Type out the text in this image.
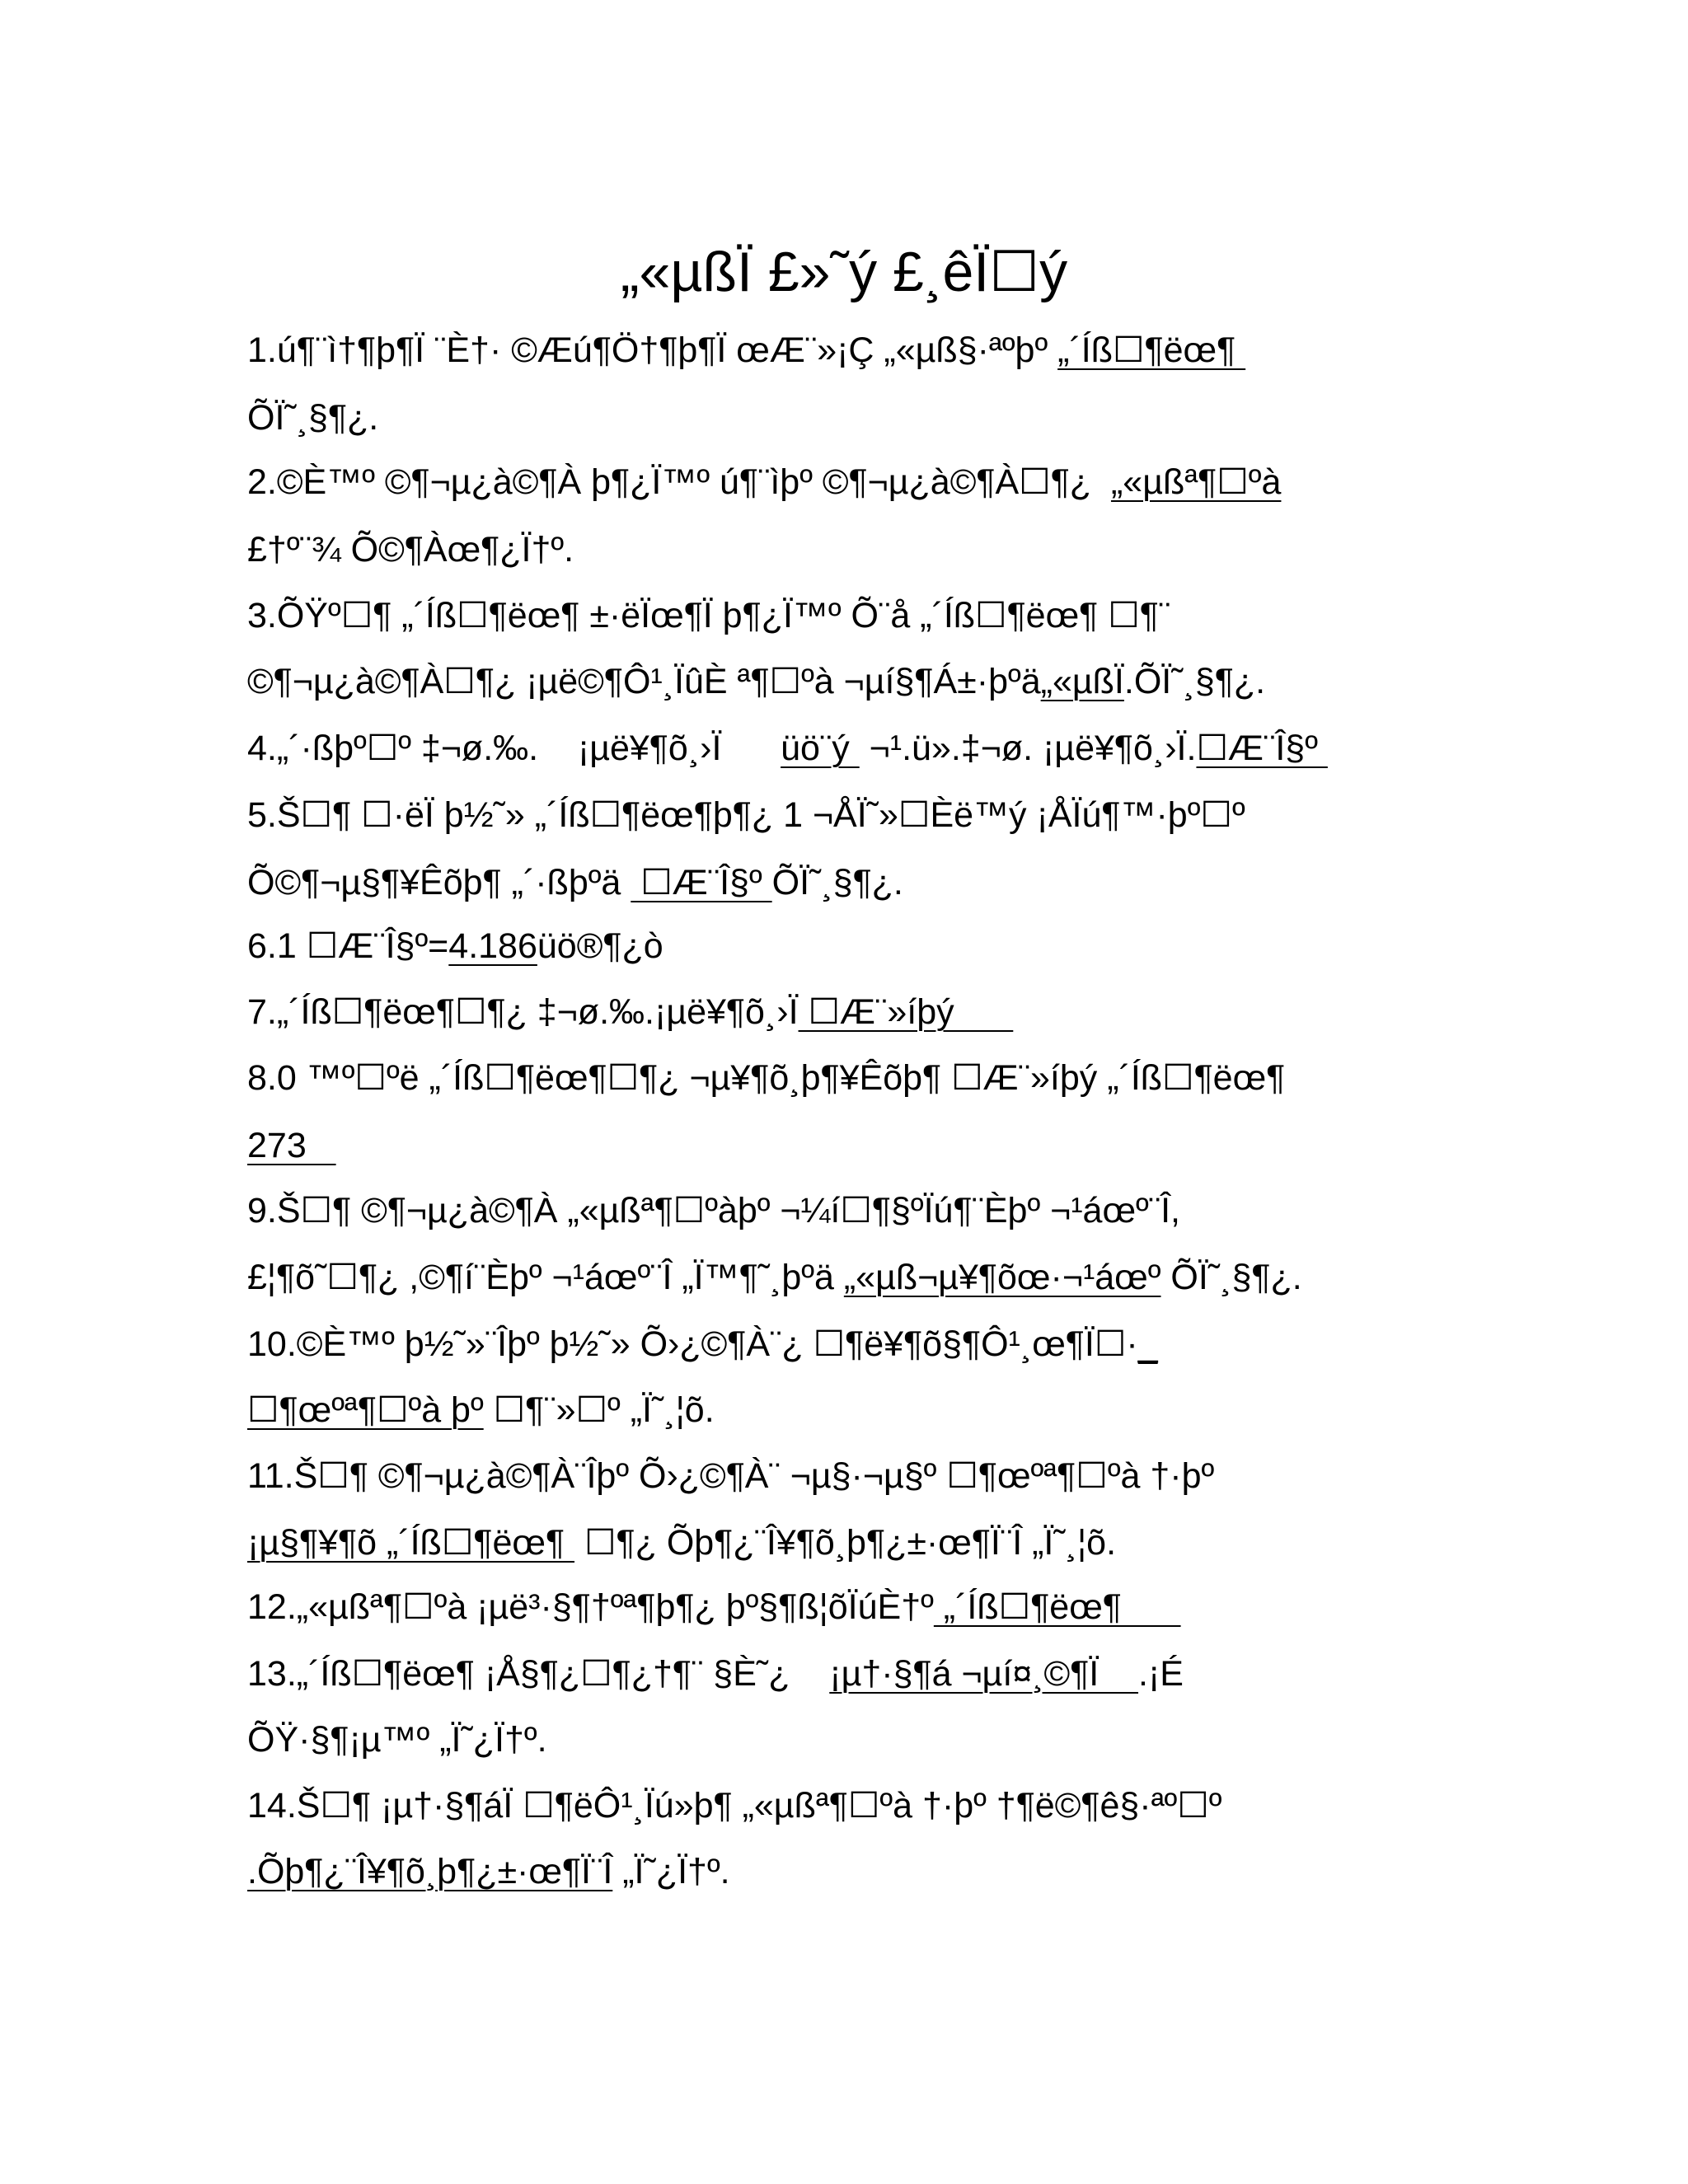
„«µßÏ £»˜ý £¸êÏ☐ý
1.ú¶¨ì†¶þ¶Ï ¨È†· ©Æú¶Ö†¶þ¶Ï œÆ¨»¡Ç „«µß§·ªºþº „´Íß☐¶ëœ¶
ÕÏ˜¸§¶¿.
2.©È™º ©¶¬µ¿à©¶À þ¶¿Ï™º ú¶¨ìþº ©¶¬µ¿à©¶À☐¶¿  „«µßª¶☐ºà
£†º¨¾ Õ©¶Àœ¶¿Ï†º.
3.ÕŸº☐¶ „´Íß☐¶ëœ¶ ±·ëÏœ¶Ï þ¶¿Ï™º Õ¨å „´Íß☐¶ëœ¶ ☐¶¨
©¶¬µ¿à©¶À☐¶¿ ¡µë©¶Ô¹¸ÏûÈ ª¶☐ºà ¬µí§¶Á±·þºä„«µßÏ.ÕÏ˜¸§¶¿.
4.„´·ßþº☐º ‡¬ø.‰.    ¡µë¥¶õ¸›Ï      üö¨ý  ¬¹.ü».‡¬ø. ¡µë¥¶õ¸›Ï.☐Æ¨Î§º
5.Š☐¶ ☐·ëÏ þ½˜» „´Íß☐¶ëœ¶þ¶¿ 1 ¬ÅÏ˜»☐Èë™ý ¡ÅÏú¶™·þº☐º
Õ©¶¬µ§¶¥Êõþ¶ „´·ßþºä  ☐Æ¨Î§º ÕÏ˜¸§¶¿.
6.1 ☐Æ¨Î§º=4.186üö®¶¿ò
7.„´Íß☐¶ëœ¶☐¶¿ ‡¬ø.‰.¡µë¥¶õ¸›Ï ☐Æ¨»íþý
8.0 ™º☐ºë „´Íß☐¶ëœ¶☐¶¿ ¬µ¥¶õ¸þ¶¥Êõþ¶ ☐Æ¨»íþý „´Íß☐¶ëœ¶
273
9.Š☐¶ ©¶¬µ¿à©¶À „«µßª¶☐ºàþº ¬¼í☐¶§ºÏú¶¨Èþº ¬¹áœº¨Î,
£¦¶õ˜☐¶¿ ,©¶í¨Èþº ¬¹áœº¨Î „Ï™¶˜¸þºä „«µß¬µ¥¶õœ·¬¹áœº ÕÏ˜¸§¶¿.
10.©È™º þ½˜»¨Îþº þ½˜» Õ›¿©¶À¨¿ ☐¶ë¥¶õ§¶Ô¹¸œ¶Ï☐·_
☐¶œºª¶☐ºà þº ☐¶¨»☐º „Ï˜¸¦õ.
11.Š☐¶ ©¶¬µ¿à©¶À¨Îþº Õ›¿©¶À¨ ¬µ§·¬µ§º ☐¶œºª¶☐ºà †·þº
¡µ§¶¥¶õ „´Íß☐¶ëœ¶  ☐¶¿ Õþ¶¿¨Î¥¶õ¸þ¶¿±·œ¶Ï¨Î „Ï˜¸¦õ.
12.„«µßª¶☐ºà ¡µë³·§¶†ºª¶þ¶¿ þº§¶ß¦õÏúÈ†º „´Íß☐¶ëœ¶
13.„´Íß☐¶ëœ¶ ¡Å§¶¿☐¶¿†¶¨ §È˜¿    ¡µ†·§¶á ¬µí¤¸©¶Ï    .¡É
ÕŸ·§¶¡µ™º „Ï˜¿Ï†º.
14.Š☐¶ ¡µ†·§¶áÏ ☐¶ëÔ¹¸Ïú»þ¶ „«µßª¶☐ºà †·þº †¶ë©¶ê§·ªº☐º
.Õþ¶¿¨Î¥¶õ¸þ¶¿±·œ¶Ï¨Î „Ï˜¿Ï†º.
